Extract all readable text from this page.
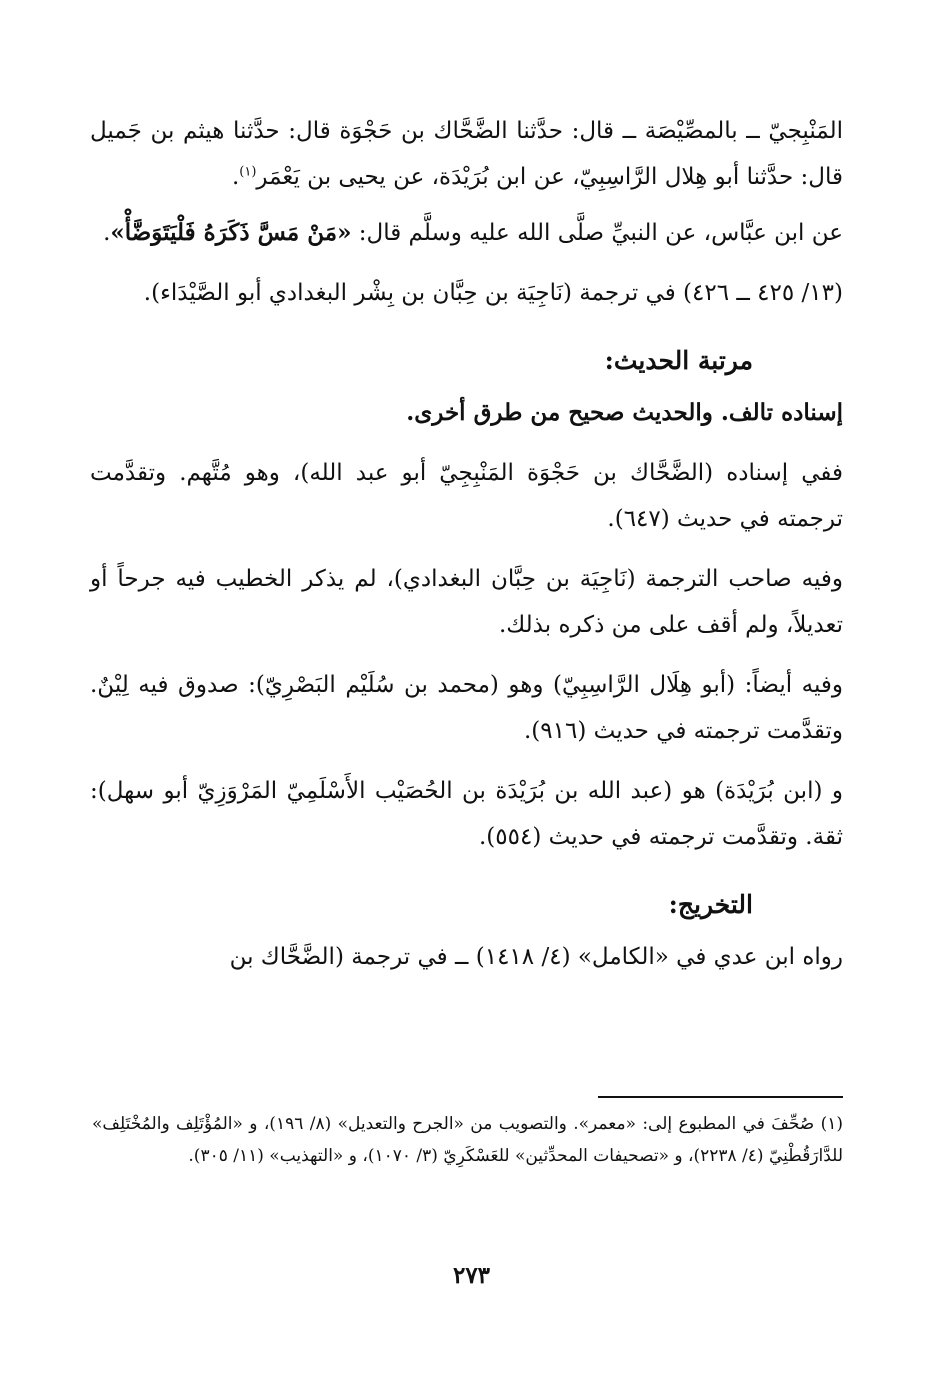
المَنْبِجيّ ــ بالمصِّيْصَة ــ قال: حدَّثنا الضَّحَّاك بن حَجْوَة قال: حدَّثنا هيثم بن جَميل قال: حدَّثنا أبو هِلال الرَّاسِبِيّ، عن ابن بُرَيْدَة، عن يحيى بن يَعْمَر$^{(١)}$.

عن ابن عبَّاس، عن النبيِّ صلَّى الله عليه وسلَّم قال: «مَنْ مَسَّ ذَكَرَهُ فَلْيَتَوَضَّأْ».

(١٣/ ٤٢٥ ــ ٤٢٦) في ترجمة (نَاجِيَة بن حِبَّان بن بِشْر البغدادي أبو الصَّيْدَاء).

مرتبة الحديث:
إسناده تالف. والحديث صحيح من طرق أخرى.

ففي إسناده (الضَّحَّاك بن حَجْوَة المَنْبِجِيّ أبو عبد الله)، وهو مُتَّهم. وتقدَّمت ترجمته في حديث (٦٤٧).

وفيه صاحب الترجمة (نَاجِيَة بن حِبَّان البغدادي)، لم يذكر الخطيب فيه جرحاً أو تعديلاً، ولم أقف على من ذكره بذلك.

وفيه أيضاً: (أبو هِلَال الرَّاسِبِيّ) وهو (محمد بن سُلَيْم البَصْرِيّ): صدوق فيه لِيْنٌ. وتقدَّمت ترجمته في حديث (٩١٦).

و (ابن بُرَيْدَة) هو (عبد الله بن بُرَيْدَة بن الحُصَيْب الأَسْلَمِيّ المَرْوَزِيّ أبو سهل): ثقة. وتقدَّمت ترجمته في حديث (٥٥٤).

التخريج:

رواه ابن عدي في «الكامل» (٤/ ١٤١٨) ــ في ترجمة (الضَّحَّاك بن

(١) صُحِّفَ في المطبوع إلى: «معمر». والتصويب من «الجرح والتعديل» (٨/ ١٩٦)، و «المُؤْتَلِف والمُخْتَلِف» للدَّارَقُطْنِيّ (٤/ ٢٢٣٨)، و «تصحيفات المحدِّثين» للعَسْكَرِيّ (٣/ ١٠٧٠)، و «التهذيب» (١١/ ٣٠٥).
٢٧٣
